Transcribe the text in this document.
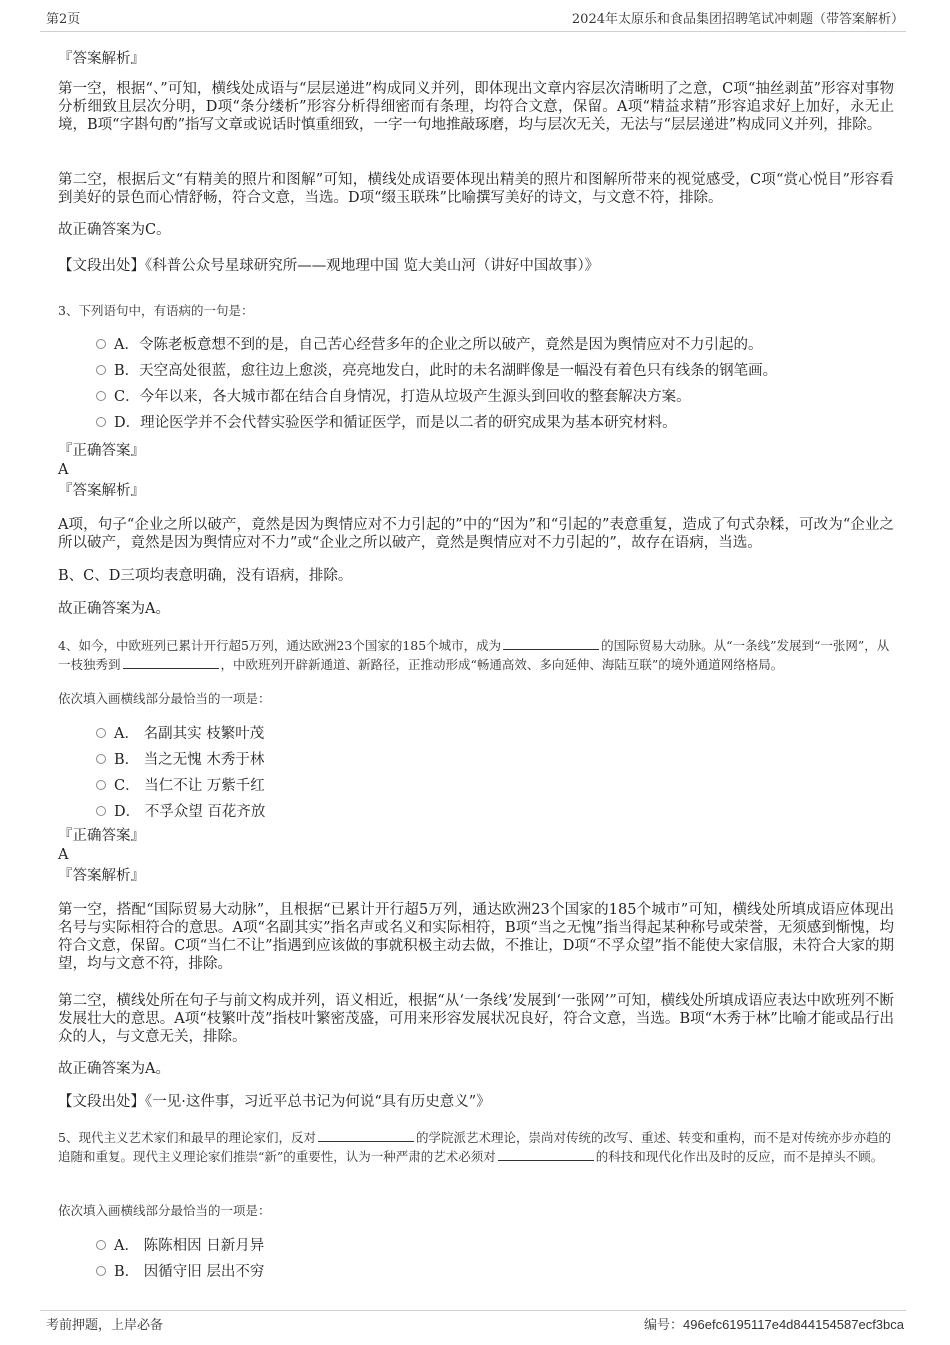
第2页	2024年太原乐和食品集团招聘笔试冲刺题（带答案解析）
『答案解析』
第一空，根据“、”可知，横线处成语与“层层递进”构成同义并列，即体现出文章内容层次清晰明了之意，C项“抽丝剥茧”形容对事物分析细致且层次分明，D项“条分缕析”形容分析得细密而有条理，均符合文意，保留。A项“精益求精”形容追求好上加好，永无止境，B项“字斟句酌”指写文章或说话时慎重细致，一字一句地推敲琢磨，均与层次无关，无法与“层层递进”构成同义并列，排除。
第二空，根据后文“有精美的照片和图解”可知，横线处成语要体现出精美的照片和图解所带来的视觉感受，C项“赏心悦目”形容看到美好的景色而心情舒畅，符合文意，当选。D项“缀玉联珠”比喻撰写美好的诗文，与文意不符，排除。
故正确答案为C。
【文段出处】《科普公众号星球研究所——观地理中国 览大美山河（讲好中国故事）》
3、下列语句中，有语病的一句是：
A．令陈老板意想不到的是，自己苦心经营多年的企业之所以破产，竟然是因为舆情应对不力引起的。
B．天空高处很蓝，愈往边上愈淡，亮亮地发白，此时的未名湖畔像是一幅没有着色只有线条的钢笔画。
C．今年以来，各大城市都在结合自身情况，打造从垃圾产生源头到回收的整套解决方案。
D．理论医学并不会代替实验医学和循证医学，而是以二者的研究成果为基本研究材料。
『正确答案』
A
『答案解析』
A项，句子“企业之所以破产，竟然是因为舆情应对不力引起的”中的“因为”和“引起的”表意重复，造成了句式杂糅，可改为“企业之所以破产，竟然是因为舆情应对不力”或“企业之所以破产，竟然是舆情应对不力引起的”，故存在语病，当选。
B、C、D三项均表意明确，没有语病，排除。
故正确答案为A。
4、如今，中欧班列已累计开行超5万列，通达欧洲23个国家的185个城市，成为	的国际贸易大动脉。从“一条线”发展到“一张网”，从一枝独秀到	，中欧班列开辟新通道、新路径，正推动形成“畅通高效、多向延伸、海陆互联”的境外通道网络格局。
依次填入画横线部分最恰当的一项是：
A． 名副其实 枝繁叶茂
B． 当之无愧 木秀于林
C． 当仁不让 万紫千红
D． 不孚众望 百花齐放
『正确答案』
A
『答案解析』
第一空，搭配“国际贸易大动脉”，且根据“已累计开行超5万列，通达欧洲23个国家的185个城市”可知，横线处所填成语应体现出名号与实际相符合的意思。A项“名副其实”指名声或名义和实际相符，B项“当之无愧”指当得起某种称号或荣誉，无须感到惭愧，均符合文意，保留。C项“当仁不让”指遇到应该做的事就积极主动去做，不推让，D项“不孚众望”指不能使大家信服，未符合大家的期望，均与文意不符，排除。
第二空，横线处所在句子与前文构成并列，语义相近，根据“从‘一条线’发展到‘一张网’”可知，横线处所填成语应表达中欧班列不断发展壮大的意思。A项“枝繁叶茂”指枝叶繁密茂盛，可用来形容发展状况良好，符合文意，当选。B项“木秀于林”比喻才能或品行出众的人，与文意无关，排除。
故正确答案为A。
【文段出处】《一见·这件事，习近平总书记为何说“具有历史意义”》
5、现代主义艺术家们和最早的理论家们，反对	的学院派艺术理论，崇尚对传统的改写、重述、转变和重构，而不是对传统亦步亦趋的追随和重复。现代主义理论家们推崇“新”的重要性，认为一种严肃的艺术必须对	的科技和现代化作出及时的反应，而不是掉头不顾。
依次填入画横线部分最恰当的一项是：
A． 陈陈相因 日新月异
B． 因循守旧 层出不穷
考前押题，上岸必备	编号：496efc6195117e4d844154587ecf3bca
